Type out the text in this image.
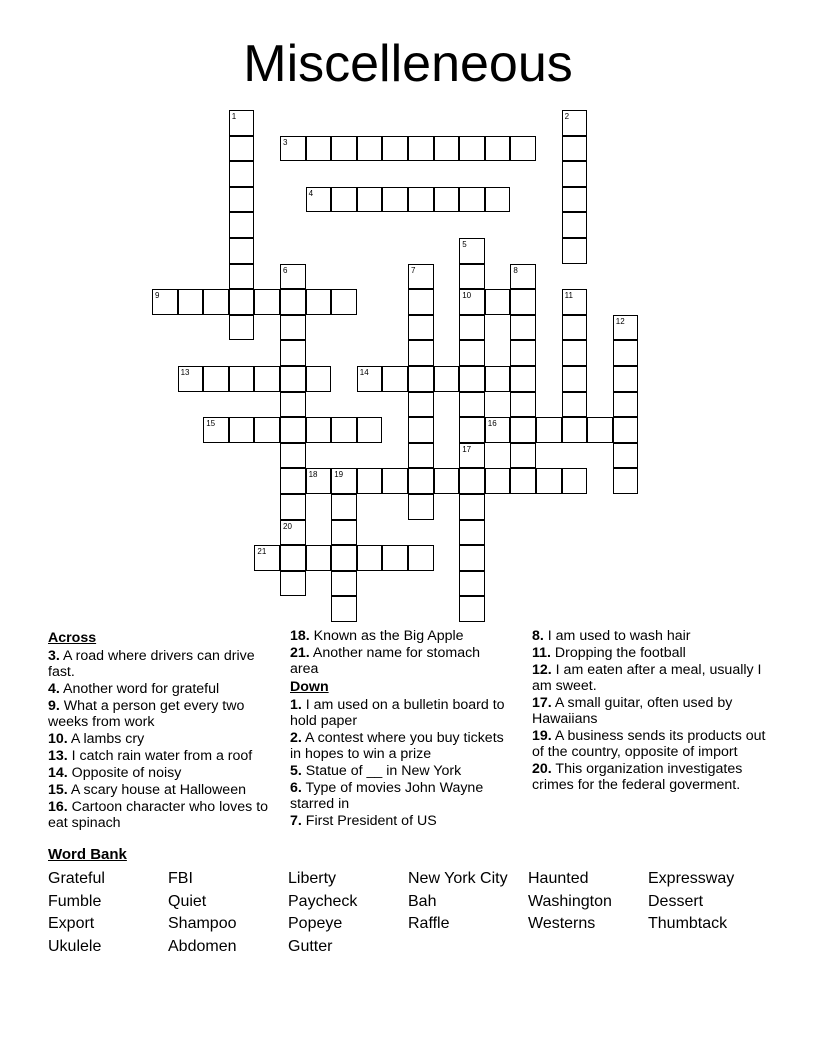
Miscelleneous
1	2
3
4
5
10
17
6
20
7	8
9	11
12
13	14
15	16
18 19
21
Across
3. A road where drivers can drive fast.
4. Another word for grateful
9. What a person get every two weeks from work
10. A lambs cry
13. I catch rain water from a roof
14. Opposite of noisy
15. A scary house at Halloween
16. Cartoon character who loves to eat spinach
18. Known as the Big Apple
21. Another name for stomach area
Down
1. I am used on a bulletin board to hold paper
2. A contest where you buy tickets in hopes to win a prize
5. Statue of __ in New York
6. Type of movies John Wayne starred in
7. First President of US
8. I am used to wash hair
11. Dropping the football
12. I am eaten after a meal, usually I am sweet.
17. A small guitar, often used by Hawaiians
19. A business sends its products out of the country, opposite of import
20. This organization investigates crimes for the federal goverment.
Word Bank
Grateful	FBI	Liberty	New York City	Haunted	Expressway
Fumble	Quiet	Paycheck	Bah	Washington	Dessert
Export	Shampoo	Popeye	Raffle	Westerns	Thumbtack
Ukulele	Abdomen	Gutter
